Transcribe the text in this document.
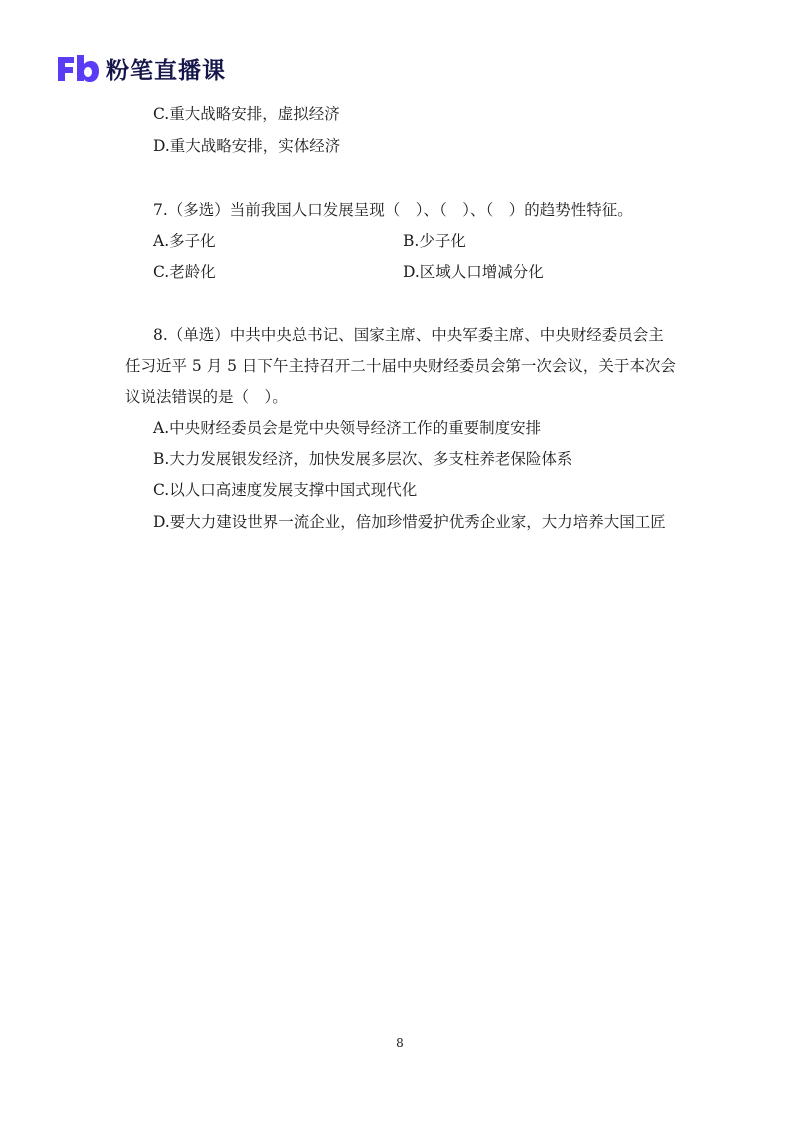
粉笔直播课
C.重大战略安排，虚拟经济
D.重大战略安排，实体经济
7.（多选）当前我国人口发展呈现（　）、（　）、（　）的趋势性特征。
A.多子化	B.少子化
C.老龄化	D.区域人口增减分化
8.（单选）中共中央总书记、国家主席、中央军委主席、中央财经委员会主
任习近平 5 月 5 日下午主持召开二十届中央财经委员会第一次会议，关于本次会
议说法错误的是（　）。
A.中央财经委员会是党中央领导经济工作的重要制度安排
B.大力发展银发经济，加快发展多层次、多支柱养老保险体系
C.以人口高速度发展支撑中国式现代化
D.要大力建设世界一流企业，倍加珍惜爱护优秀企业家，大力培养大国工匠
8
